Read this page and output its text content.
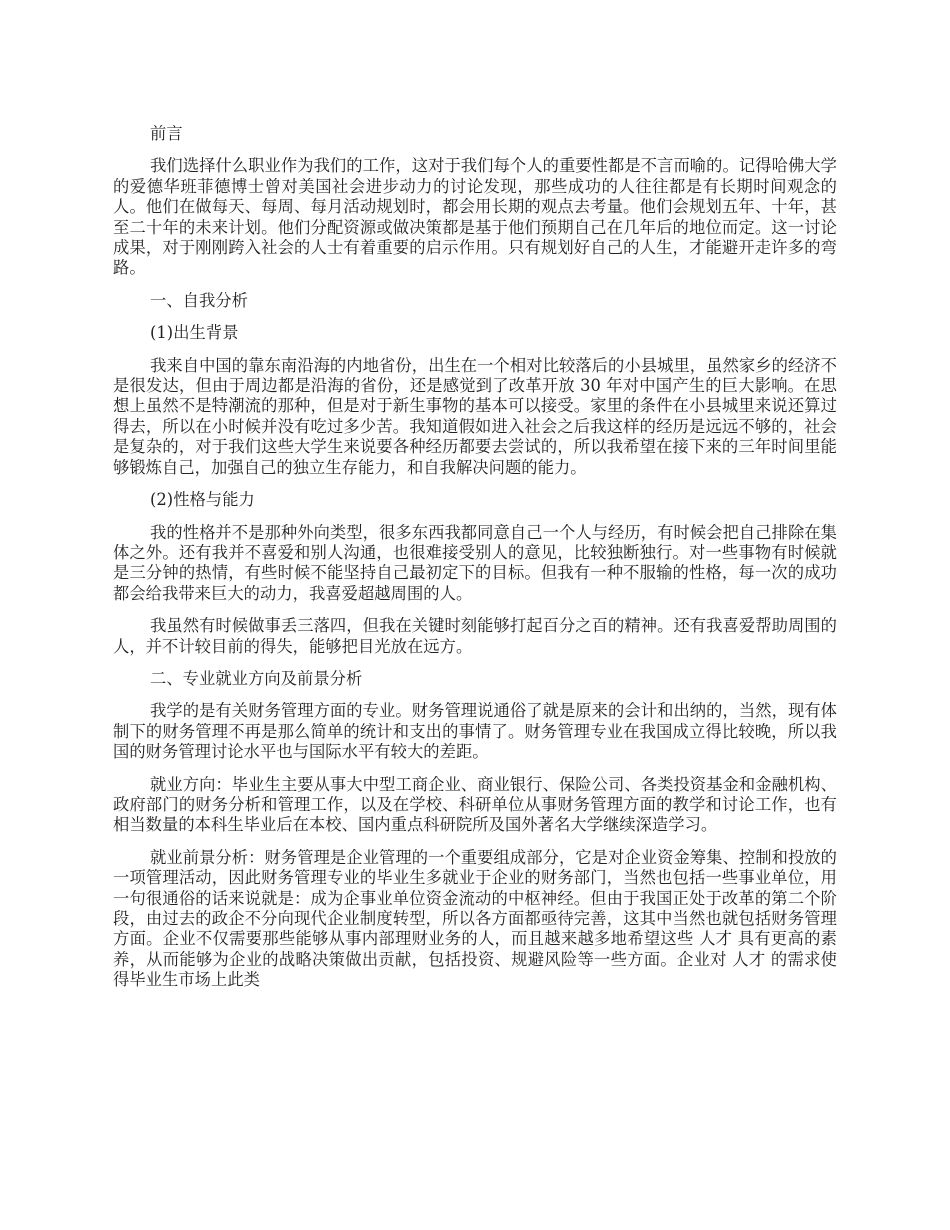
前言

我们选择什么职业作为我们的工作，这对于我们每个人的重要性都是不言而喻的。记得哈佛大学的爱德华班菲德博士曾对美国社会进步动力的讨论发现，那些成功的人往往都是有长期时间观念的人。他们在做每天、每周、每月活动规划时，都会用长期的观点去考量。他们会规划五年、十年，甚至二十年的未来计划。他们分配资源或做决策都是基于他们预期自己在几年后的地位而定。这一讨论成果，对于刚刚跨入社会的人士有着重要的启示作用。只有规划好自己的人生，才能避开走许多的弯路。

一、自我分析

(1)出生背景

我来自中国的靠东南沿海的内地省份，出生在一个相对比较落后的小县城里，虽然家乡的经济不是很发达，但由于周边都是沿海的省份，还是感觉到了改革开放 30 年对中国产生的巨大影响。在思想上虽然不是特潮流的那种，但是对于新生事物的基本可以接受。家里的条件在小县城里来说还算过得去，所以在小时候并没有吃过多少苦。我知道假如进入社会之后我这样的经历是远远不够的，社会是复杂的，对于我们这些大学生来说要各种经历都要去尝试的，所以我希望在接下来的三年时间里能够锻炼自己，加强自己的独立生存能力，和自我解决问题的能力。

(2)性格与能力

我的性格并不是那种外向类型，很多东西我都同意自己一个人与经历，有时候会把自己排除在集体之外。还有我并不喜爱和别人沟通，也很难接受别人的意见，比较独断独行。对一些事物有时候就是三分钟的热情，有些时候不能坚持自己最初定下的目标。但我有一种不服输的性格，每一次的成功都会给我带来巨大的动力，我喜爱超越周围的人。

我虽然有时候做事丢三落四，但我在关键时刻能够打起百分之百的精神。还有我喜爱帮助周围的人，并不计较目前的得失，能够把目光放在远方。

二、专业就业方向及前景分析

我学的是有关财务管理方面的专业。财务管理说通俗了就是原来的会计和出纳的，当然，现有体制下的财务管理不再是那么简单的统计和支出的事情了。财务管理专业在我国成立得比较晚，所以我国的财务管理讨论水平也与国际水平有较大的差距。

就业方向：毕业生主要从事大中型工商企业、商业银行、保险公司、各类投资基金和金融机构、政府部门的财务分析和管理工作，以及在学校、科研单位从事财务管理方面的教学和讨论工作，也有相当数量的本科生毕业后在本校、国内重点科研院所及国外著名大学继续深造学习。

就业前景分析：财务管理是企业管理的一个重要组成部分，它是对企业资金筹集、控制和投放的一项管理活动，因此财务管理专业的毕业生多就业于企业的财务部门，当然也包括一些事业单位，用一句很通俗的话来说就是：成为企事业单位资金流动的中枢神经。但由于我国正处于改革的第二个阶段，由过去的政企不分向现代企业制度转型，所以各方面都亟待完善，这其中当然也就包括财务管理方面。企业不仅需要那些能够从事内部理财业务的人，而且越来越多地希望这些 人才 具有更高的素养，从而能够为企业的战略决策做出贡献，包括投资、规避风险等一些方面。企业对 人才 的需求使得毕业生市场上此类
